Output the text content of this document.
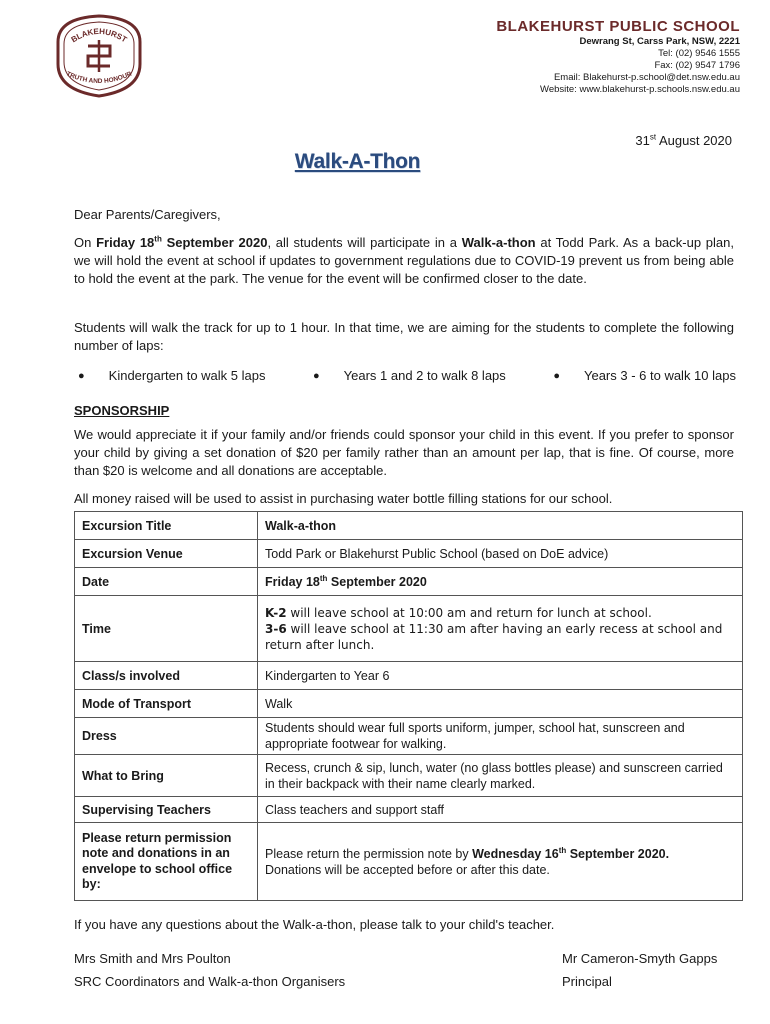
BLAKEHURST
TRUTH AND HONOUR
BLAKEHURST PUBLIC SCHOOL
Dewrang St, Carss Park, NSW, 2221
Tel: (02) 9546 1555
Fax: (02) 9547 1796
Email: Blakehurst-p.school@det.nsw.edu.au
Website: www.blakehurst-p.schools.nsw.edu.au
31st August 2020
Walk-A-Thon

Dear Parents/Caregivers,

On Friday 18th September 2020, all students will participate in a Walk-a-thon at Todd Park. As a back-up plan, we will hold the event at school if updates to government regulations due to COVID-19 prevent us from being able to hold the event at the park. The venue for the event will be confirmed closer to the date.

Students will walk the track for up to 1 hour. In that time, we are aiming for the students to complete the following number of laps:

● Kindergarten to walk 5 laps	● Years 1 and 2 to walk 8 laps	● Years 3 - 6 to walk 10 laps

SPONSORSHIP

We would appreciate it if your family and/or friends could sponsor your child in this event. If you prefer to sponsor your child by giving a set donation of $20 per family rather than an amount per lap, that is fine. Of course, more than $20 is welcome and all donations are acceptable.

All money raised will be used to assist in purchasing water bottle filling stations for our school.

Excursion Title	Walk-a-thon
Excursion Venue	Todd Park or Blakehurst Public School (based on DoE advice)
Date	Friday 18th September 2020
Time	K-2 will leave school at 10:00 am and return for lunch at school.
3-6 will leave school at 11:30 am after having an early recess at school and return after lunch.
Class/s involved	Kindergarten to Year 6
Mode of Transport	Walk
Dress	Students should wear full sports uniform, jumper, school hat, sunscreen and appropriate footwear for walking.
What to Bring	Recess, crunch & sip, lunch, water (no glass bottles please) and sunscreen carried in their backpack with their name clearly marked.
Supervising Teachers	Class teachers and support staff
Please return permission note and donations in an envelope to school office by:	Please return the permission note by Wednesday 16th September 2020.
Donations will be accepted before or after this date.

If you have any questions about the Walk-a-thon, please talk to your child's teacher.

Mrs Smith and Mrs Poulton
SRC Coordinators and Walk-a-thon Organisers
Mr Cameron-Smyth Gapps
Principal
